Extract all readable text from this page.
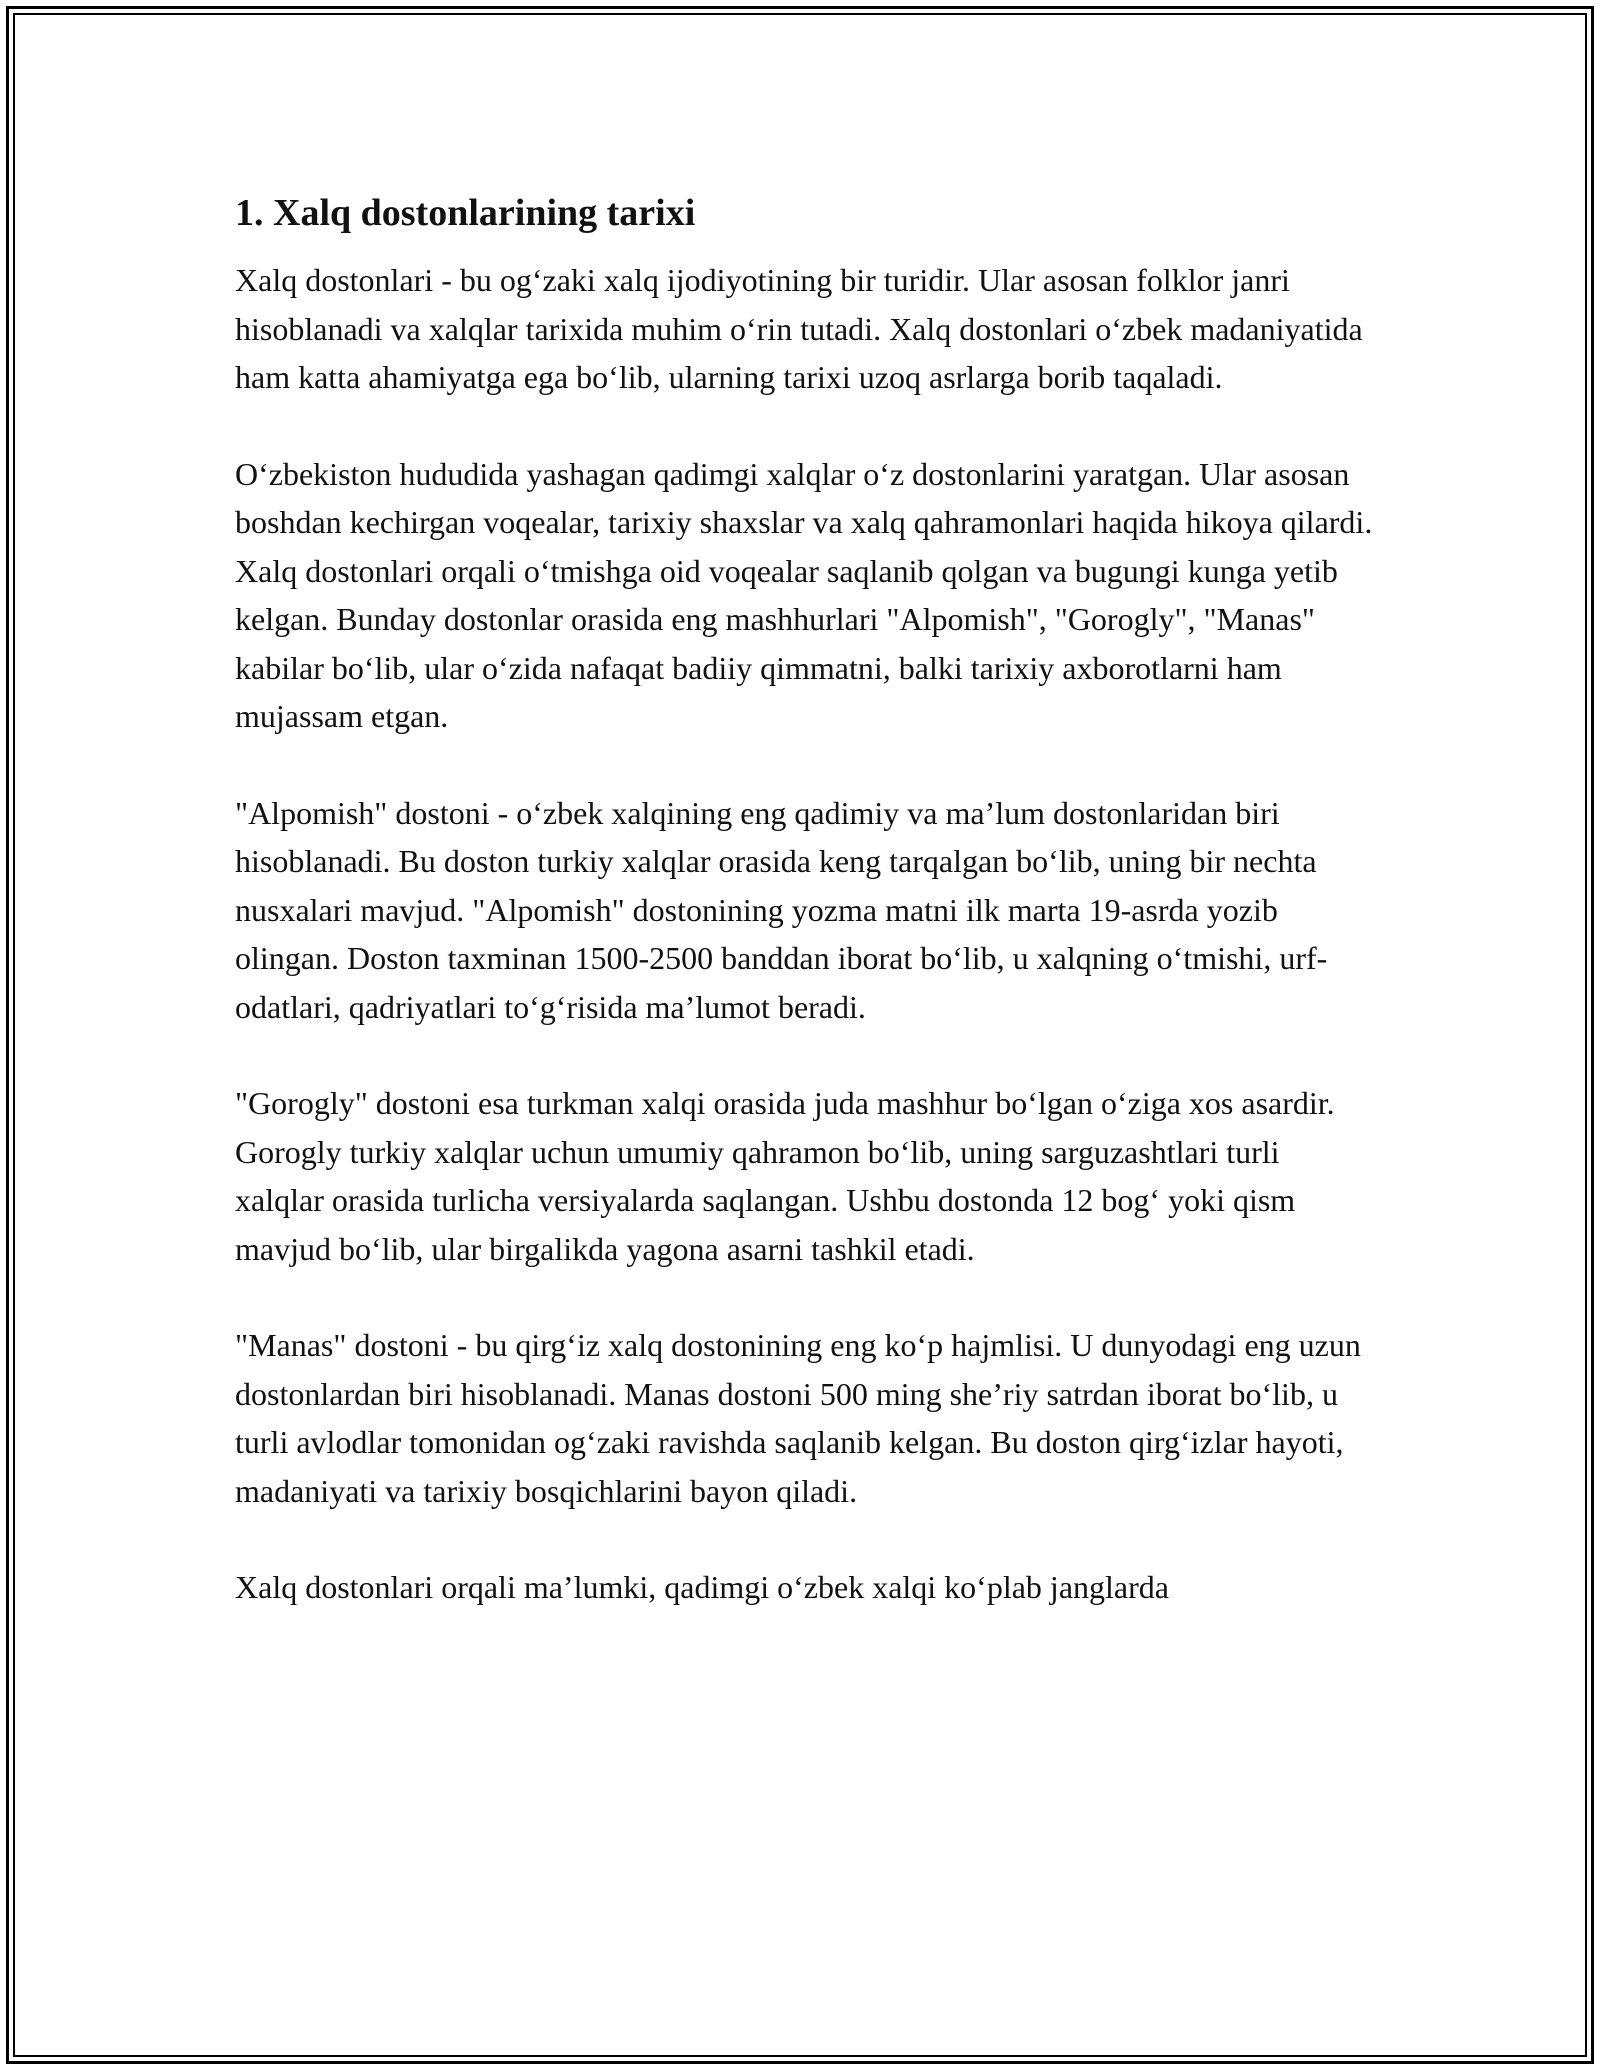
1. Xalq dostonlarining tarixi

Xalq dostonlari - bu og‘zaki xalq ijodiyotining bir turidir. Ular asosan folklor janri hisoblanadi va xalqlar tarixida muhim o‘rin tutadi. Xalq dostonlari o‘zbek madaniyatida ham katta ahamiyatga ega bo‘lib, ularning tarixi uzoq asrlarga borib taqaladi.

O‘zbekiston hududida yashagan qadimgi xalqlar o‘z dostonlarini yaratgan. Ular asosan boshdan kechirgan voqealar, tarixiy shaxslar va xalq qahramonlari haqida hikoya qilardi. Xalq dostonlari orqali o‘tmishga oid voqealar saqlanib qolgan va bugungi kunga yetib kelgan. Bunday dostonlar orasida eng mashhurlari "Alpomish", "Gorogly", "Manas" kabilar bo‘lib, ular o‘zida nafaqat badiiy qimmatni, balki tarixiy axborotlarni ham mujassam etgan.

"Alpomish" dostoni - o‘zbek xalqining eng qadimiy va ma’lum dostonlaridan biri hisoblanadi. Bu doston turkiy xalqlar orasida keng tarqalgan bo‘lib, uning bir nechta nusxalari mavjud. "Alpomish" dostonining yozma matni ilk marta 19-asrda yozib olingan. Doston taxminan 1500-2500 banddan iborat bo‘lib, u xalqning o‘tmishi, urf-odatlari, qadriyatlari to‘g‘risida ma’lumot beradi.

"Gorogly" dostoni esa turkman xalqi orasida juda mashhur bo‘lgan o‘ziga xos asardir. Gorogly turkiy xalqlar uchun umumiy qahramon bo‘lib, uning sarguzashtlari turli xalqlar orasida turlicha versiyalarda saqlangan. Ushbu dostonda 12 bog‘ yoki qism mavjud bo‘lib, ular birgalikda yagona asarni tashkil etadi.

"Manas" dostoni - bu qirg‘iz xalq dostonining eng ko‘p hajmlisi. U dunyodagi eng uzun dostonlardan biri hisoblanadi. Manas dostoni 500 ming she’riy satrdan iborat bo‘lib, u turli avlodlar tomonidan og‘zaki ravishda saqlanib kelgan. Bu doston qirg‘izlar hayoti, madaniyati va tarixiy bosqichlarini bayon qiladi.

Xalq dostonlari orqali ma’lumki, qadimgi o‘zbek xalqi ko‘plab janglarda
